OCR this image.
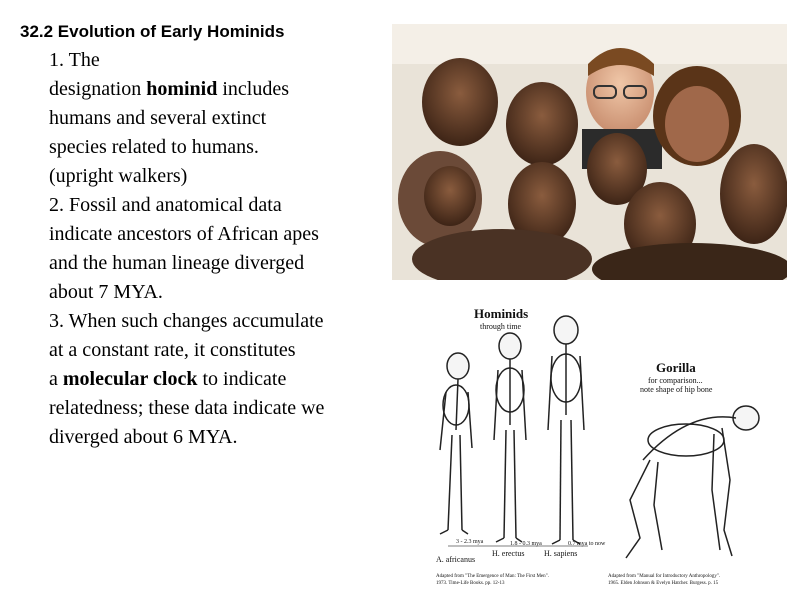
32.2 Evolution of Early Hominids
1. The
designation hominid includes
humans and several extinct
species related to humans.
(upright walkers)
2. Fossil and anatomical data
indicate ancestors of African apes
and the human lineage diverged
about 7 MYA.
3. When such changes accumulate
at a constant rate, it constitutes
a molecular clock to indicate
relatedness; these data indicate we
diverged about 6 MYA.
Hominids
through time
Gorilla
for comparison...
note shape of hip bone
3 - 2.3 mya	1.8 - 0.3 mya	0.7 mya to now
A. africanus
H. erectus H. sapiens
Adapted from "The Emergence of Man: The First Men".
1973. Time-Life Books. pp. 12-13
Adapted from "Manual for Introductory Anthropology".
1965. Elden Johnson & Evelyn Hatcher. Burgess. p. 15
